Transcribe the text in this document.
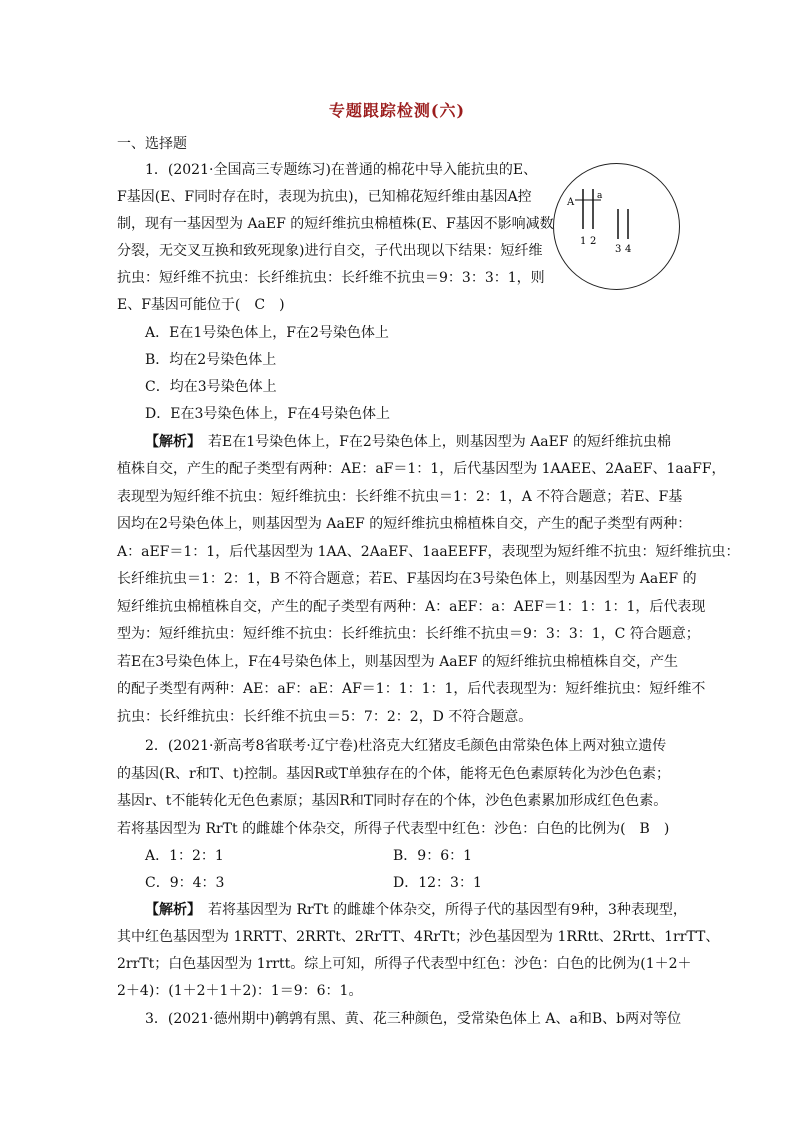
专题跟踪检测(六)
一、选择题
1．(2021·全国高三专题练习)在普通的棉花中导入能抗虫的E、
F基因(E、F同时存在时，表现为抗虫)，已知棉花短纤维由基因A控
制，现有一基因型为 AaEF 的短纤维抗虫棉植株(E、F基因不影响减数
分裂，无交叉互换和致死现象)进行自交，子代出现以下结果：短纤维
抗虫：短纤维不抗虫：长纤维抗虫：长纤维不抗虫＝9：3：3：1，则
E、F基因可能位于(　C　)
A
a
1 2
3 4
A．E在1号染色体上，F在2号染色体上
B．均在2号染色体上
C．均在3号染色体上
D．E在3号染色体上，F在4号染色体上
【解析】　若E在1号染色体上，F在2号染色体上，则基因型为 AaEF 的短纤维抗虫棉
植株自交，产生的配子类型有两种：AE：aF＝1：1，后代基因型为 1AAEE、2AaEF、1aaFF，
表现型为短纤维不抗虫：短纤维抗虫：长纤维不抗虫＝1：2：1，A 不符合题意；若E、F基
因均在2号染色体上，则基因型为 AaEF 的短纤维抗虫棉植株自交，产生的配子类型有两种：
A：aEF＝1：1，后代基因型为 1AA、2AaEF、1aaEEFF，表现型为短纤维不抗虫：短纤维抗虫：
长纤维抗虫＝1：2：1，B 不符合题意；若E、F基因均在3号染色体上，则基因型为 AaEF 的
短纤维抗虫棉植株自交，产生的配子类型有两种：A：aEF：a：AEF＝1：1：1：1，后代表现
型为：短纤维抗虫：短纤维不抗虫：长纤维抗虫：长纤维不抗虫＝9：3：3：1，C 符合题意；
若E在3号染色体上，F在4号染色体上，则基因型为 AaEF 的短纤维抗虫棉植株自交，产生
的配子类型有两种：AE：aF：aE：AF＝1：1：1：1，后代表现型为：短纤维抗虫：短纤维不
抗虫：长纤维抗虫：长纤维不抗虫＝5：7：2：2，D 不符合题意。
2．(2021·新高考8省联考·辽宁卷)杜洛克大红猪皮毛颜色由常染色体上两对独立遗传
的基因(R、r和T、t)控制。基因R或T单独存在的个体，能将无色色素原转化为沙色色素；
基因r、t不能转化无色色素原；基因R和T同时存在的个体，沙色色素累加形成红色色素。
若将基因型为 RrTt 的雌雄个体杂交，所得子代表型中红色：沙色：白色的比例为(　B　)
A．1：2：1	B．9：6：1
C．9：4：3	D．12：3：1
【解析】　若将基因型为 RrTt 的雌雄个体杂交，所得子代的基因型有9种，3种表现型，
其中红色基因型为 1RRTT、2RRTt、2RrTT、4RrTt；沙色基因型为 1RRtt、2Rrtt、1rrTT、
2rrTt；白色基因型为 1rrtt。综上可知，所得子代表型中红色：沙色：白色的比例为(1＋2＋
2＋4)：(1＋2＋1＋2)：1＝9：6：1。
3．(2021·德州期中)鹌鹑有黑、黄、花三种颜色，受常染色体上 A、a和B、b两对等位
